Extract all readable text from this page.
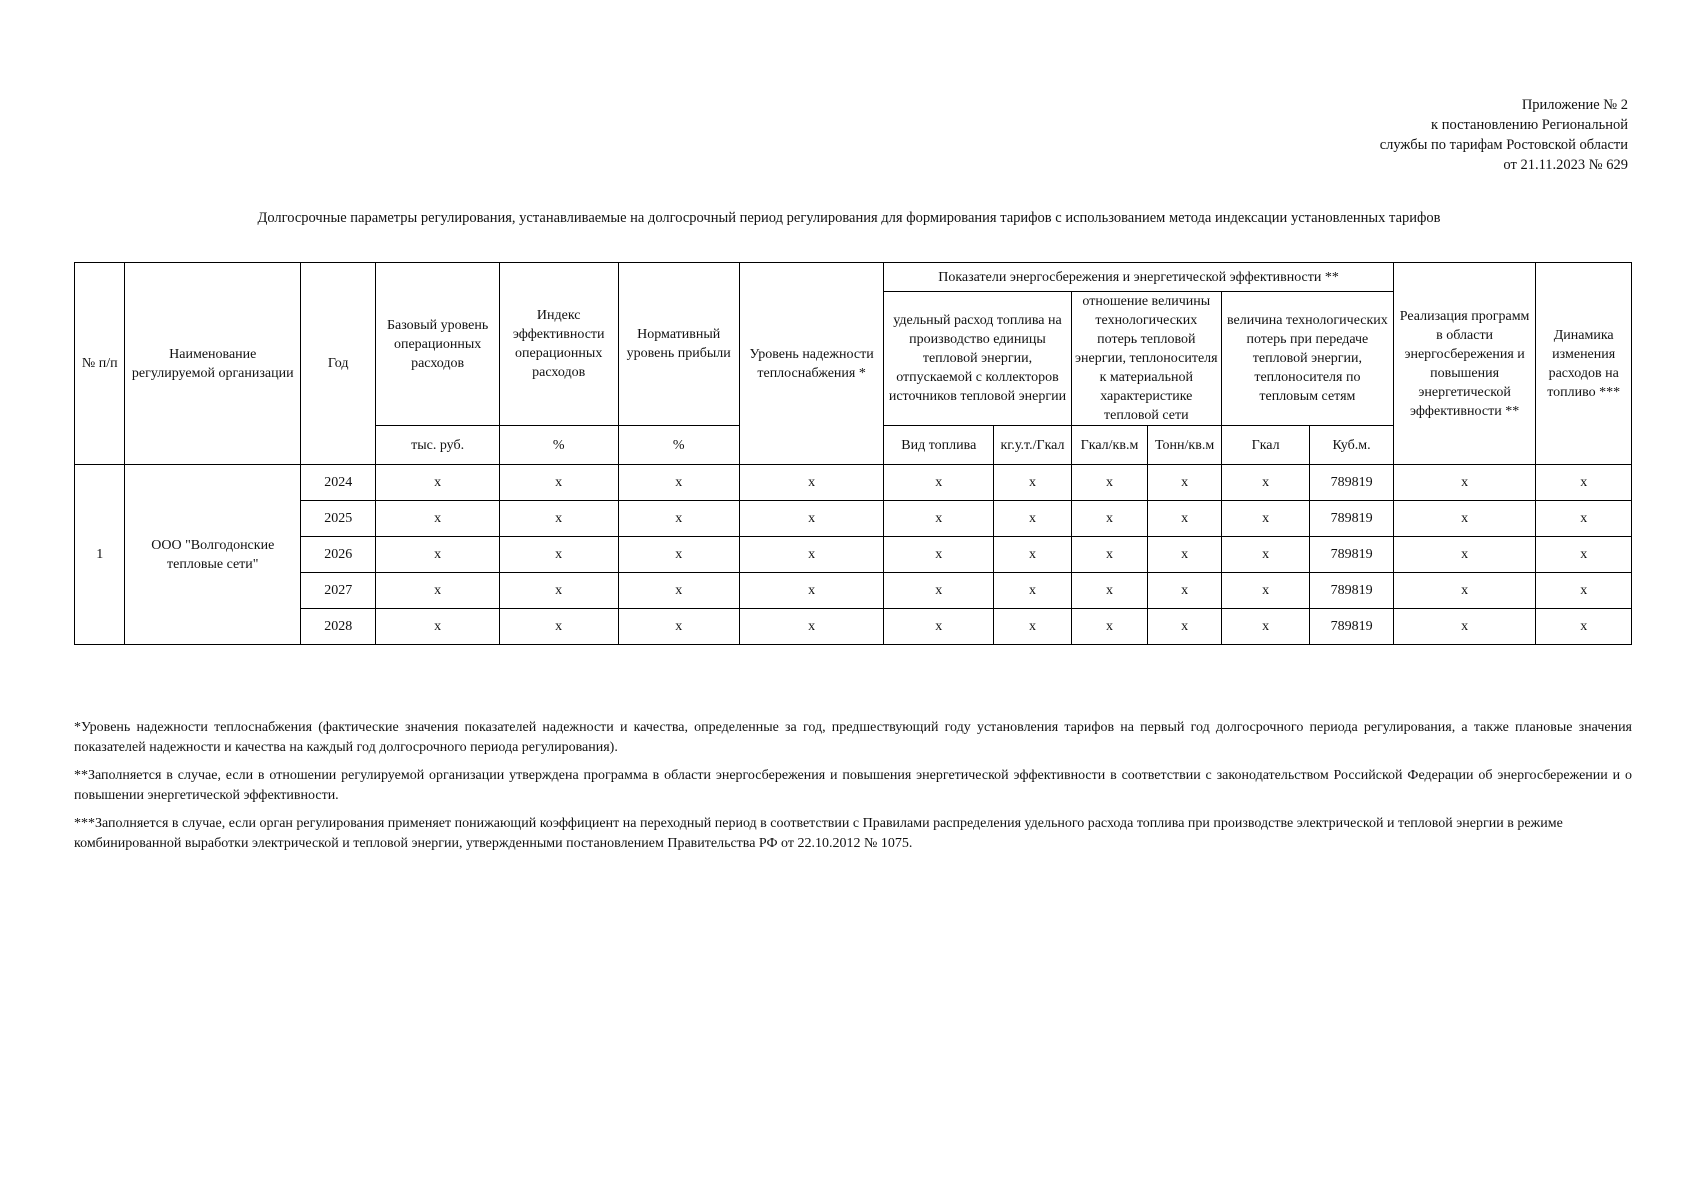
Приложение № 2
к постановлению Региональной
службы по тарифам Ростовской области
от 21.11.2023 № 629
Долгосрочные параметры регулирования, устанавливаемые на долгосрочный период регулирования для формирования тарифов с использованием метода индексации установленных тарифов
№ п/п	Наименование регулируемой организации	Год	Базовый уровень операционных расходов	Индекс эффективности операционных расходов	Нормативный уровень прибыли	Уровень надежности теплоснабжения *	Показатели энергосбережения и энергетической эффективности **						Реализация программ в области энергосбережения и повышения энергетической эффективности **	Динамика изменения расходов на топливо ***
							удельный расход топлива на производство единицы тепловой энергии, отпускаемой с коллекторов источников тепловой энергии		отношение величины технологических потерь тепловой энергии, теплоносителя к материальной характеристике тепловой сети		величина технологических потерь при передаче тепловой энергии, теплоносителя по тепловым сетям			
			тыс. руб.	%	%		Вид топлива	кг.у.т./Гкал	Гкал/кв.м	Тонн/кв.м	Гкал	Куб.м.		
1	ООО "Волгодонские тепловые сети"	2024	х	х	х	х	х	х	х	х	х	789819	х	х
		2025	х	х	х	х	х	х	х	х	х	789819	х	х
		2026	х	х	х	х	х	х	х	х	х	789819	х	х
		2027	х	х	х	х	х	х	х	х	х	789819	х	х
		2028	х	х	х	х	х	х	х	х	х	789819	х	х

*Уровень надежности теплоснабжения (фактические значения показателей надежности и качества, определенные за год, предшествующий году установления тарифов на первый год долгосрочного периода регулирования, а также плановые значения показателей надежности и качества на каждый год долгосрочного периода регулирования).

**Заполняется в случае, если в отношении регулируемой организации утверждена программа в области энергосбережения и повышения энергетической эффективности в соответствии с законодательством Российской Федерации об энергосбережении и о повышении энергетической эффективности.

***Заполняется в случае, если орган регулирования применяет понижающий коэффициент на переходный период в соответствии с Правилами распределения удельного расхода топлива при производстве электрической и тепловой энергии в режиме комбинированной выработки электрической и тепловой энергии, утвержденными постановлением Правительства РФ от 22.10.2012 № 1075.
